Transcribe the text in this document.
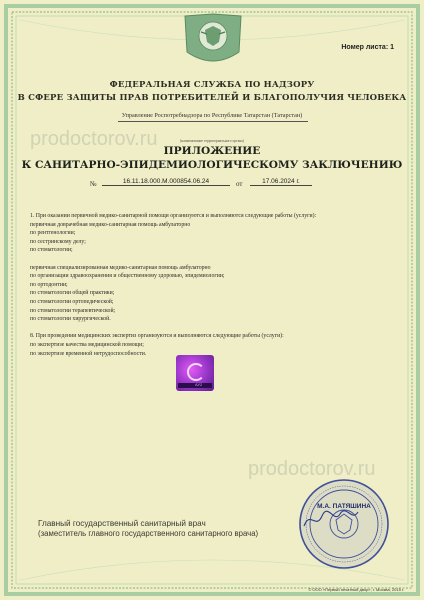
Номер листа: 1
ФЕДЕРАЛЬНАЯ СЛУЖБА ПО НАДЗОРУ
В СФЕРЕ ЗАЩИТЫ ПРАВ ПОТРЕБИТЕЛЕЙ И БЛАГОПОЛУЧИЯ ЧЕЛОВЕКА
Управление Роспотребнадзора по Республике Татарстан (Татарстан)
(наименование территориального органа)
prodoctorov.ru
ПРИЛОЖЕНИЕ
К САНИТАРНО-ЭПИДЕМИОЛОГИЧЕСКОМУ ЗАКЛЮЧЕНИЮ
№	16.11.18.000.М.000854.06.24	от	17.06.2024 г.
1. При оказании первичной медико-санитарной помощи организуются и выполняются следующие работы (услуги):
первичная доврачебная медико-санитарная помощь амбулаторно
по рентгенологии;
по сестринскому делу;
по стоматологии;
первичная специализированная медико-санитарная помощь амбулаторно
по организации здравоохранения и общественному здоровью, эпидемиологии;
по ортодонтии;
по стоматологии общей практики;
по стоматологии ортопедической;
по стоматологии терапевтической;
по стоматологии хирургической.
8. При проведении медицинских экспертиз организуются и выполняются следующие работы (услуги):
по экспертизе качества медицинской помощи;
по экспертизе временной нетрудоспособности.
АУ2
prodoctorov.ru
Главный государственный санитарный врач
(заместитель главного государственного санитарного врача)
М.А. ПАТЯШИНА
© ООО «Первый печатный двор», г. Москва, 2015 г.
